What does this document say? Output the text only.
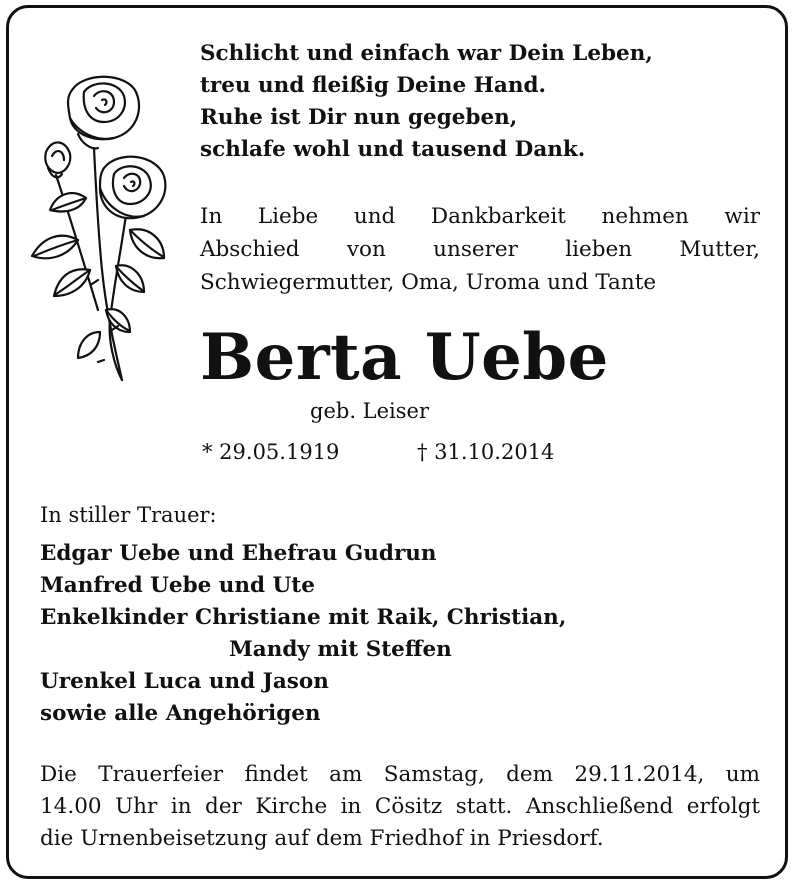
Schlicht und einfach war Dein Leben,
treu und fleißig Deine Hand.
Ruhe ist Dir nun gegeben,
schlafe wohl und tausend Dank.
In Liebe und Dankbarkeit nehmen wir
Abschied von unserer lieben Mutter,
Schwiegermutter, Oma, Uroma und Tante
Berta Uebe
geb. Leiser
* 29.05.1919	† 31.10.2014
In stiller Trauer:
Edgar Uebe und Ehefrau Gudrun
Manfred Uebe und Ute
Enkelkinder Christiane mit Raik, Christian,
Mandy mit Steffen
Urenkel Luca und Jason
sowie alle Angehörigen
Die Trauerfeier findet am Samstag, dem 29.11.2014, um
14.00 Uhr in der Kirche in Cösitz statt. Anschließend erfolgt
die Urnenbeisetzung auf dem Friedhof in Priesdorf.
